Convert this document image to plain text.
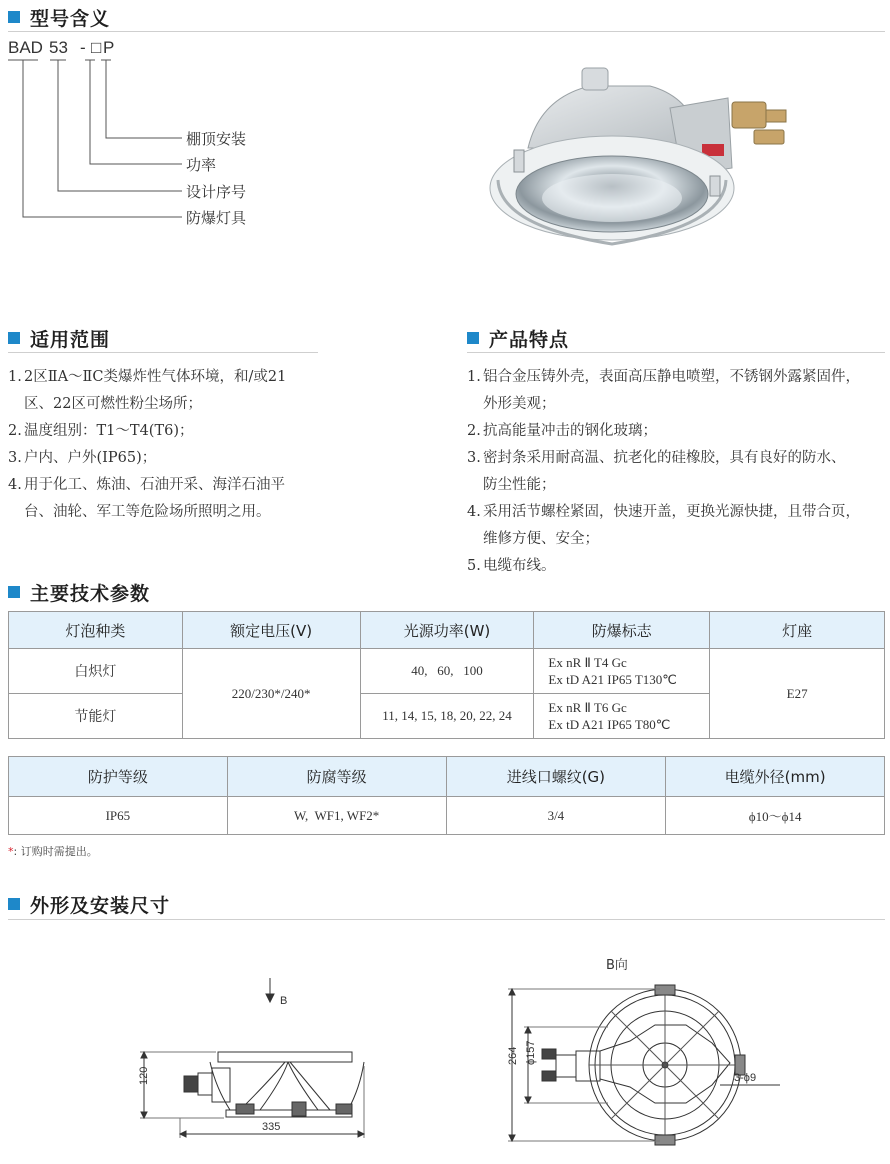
型号含义
BAD 53 - □ P
棚顶安装
功率
设计序号
防爆灯具
适用范围
1. 2区ⅡA～ⅡC类爆炸性气体环境，和/或21
区、22区可燃性粉尘场所；
2. 温度组别：T1～T4(T6)；
3. 户内、户外(IP65)；
4. 用于化工、炼油、石油开采、海洋石油平
台、油轮、军工等危险场所照明之用。
产品特点
1. 铝合金压铸外壳，表面高压静电喷塑，不锈钢外露紧固件，
外形美观；
2. 抗高能量冲击的钢化玻璃；
3. 密封条采用耐高温、抗老化的硅橡胶，具有良好的防水、
防尘性能；
4. 采用活节螺栓紧固，快速开盖，更换光源快捷，且带合页，
维修方便、安全；
5. 电缆布线。
主要技术参数
灯泡种类	额定电压(V)	光源功率(W)	防爆标志	灯座
白炽灯	220/230*/240*	40,   60,   100	Ex nR Ⅱ T4 Gc
Ex tD A21 IP65 T130℃	E27
节能灯		11, 14, 15, 18, 20, 22, 24	Ex nR Ⅱ T6 Gc
Ex tD A21 IP65 T80℃	
防护等级	防腐等级	进线口螺纹(G)	电缆外径(mm)
IP65	W,  WF1, WF2*	3/4	ϕ10～ϕ14
*: 订购时需提出。
外形及安装尺寸
B
120
335
B向
264 ϕ157
3-ϕ9
